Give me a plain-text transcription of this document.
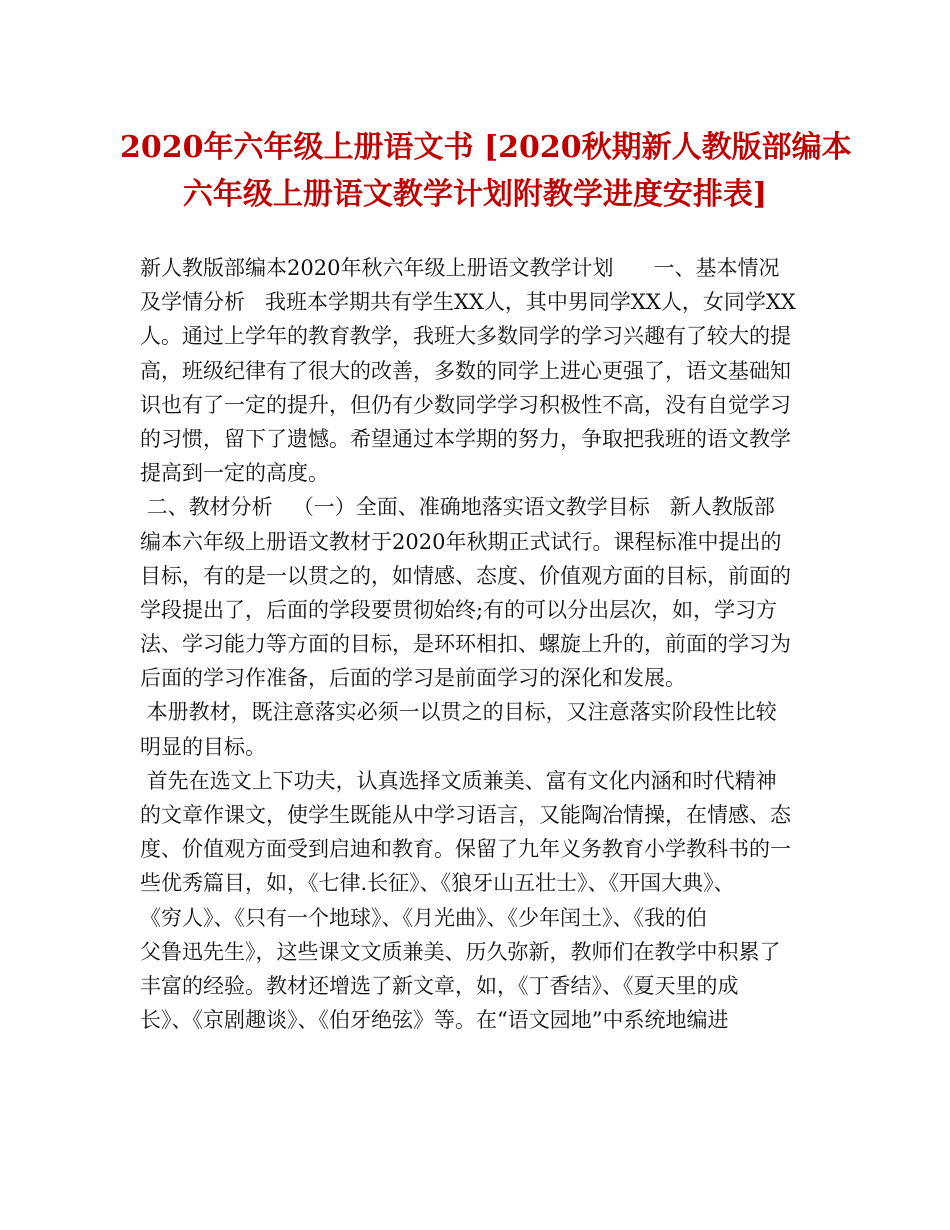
2020年六年级上册语文书 [2020秋期新人教版部编本
六年级上册语文教学计划附教学进度安排表]
新人教版部编本2020年秋六年级上册语文教学计划      一、基本情况
及学情分析   我班本学期共有学生XX人，其中男同学XX人，女同学XX
人。通过上学年的教育教学，我班大多数同学的学习兴趣有了较大的提
高，班级纪律有了很大的改善，多数的同学上进心更强了，语文基础知
识也有了一定的提升，但仍有少数同学学习积极性不高，没有自觉学习
的习惯，留下了遗憾。希望通过本学期的努力，争取把我班的语文教学
提高到一定的高度。
二、教材分析   （一）全面、准确地落实语文教学目标   新人教版部
编本六年级上册语文教材于2020年秋期正式试行。课程标准中提出的
目标，有的是一以贯之的，如情感、态度、价值观方面的目标，前面的
学段提出了，后面的学段要贯彻始终;有的可以分出层次，如，学习方
法、学习能力等方面的目标，是环环相扣、螺旋上升的，前面的学习为
后面的学习作准备，后面的学习是前面学习的深化和发展。
本册教材，既注意落实必须一以贯之的目标，又注意落实阶段性比较
明显的目标。
首先在选文上下功夫，认真选择文质兼美、富有文化内涵和时代精神
的文章作课文，使学生既能从中学习语言，又能陶冶情操，在情感、态
度、价值观方面受到启迪和教育。保留了九年义务教育小学教科书的一
些优秀篇目，如，《七律.长征》、《狼牙山五壮士》、《开国大典》、
《穷人》、《只有一个地球》、《月光曲》、《少年闰土》、《我的伯
父鲁迅先生》，这些课文文质兼美、历久弥新，教师们在教学中积累了
丰富的经验。教材还增选了新文章，如，《丁香结》、《夏天里的成
长》、《京剧趣谈》、《伯牙绝弦》等。在“语文园地”中系统地编进
